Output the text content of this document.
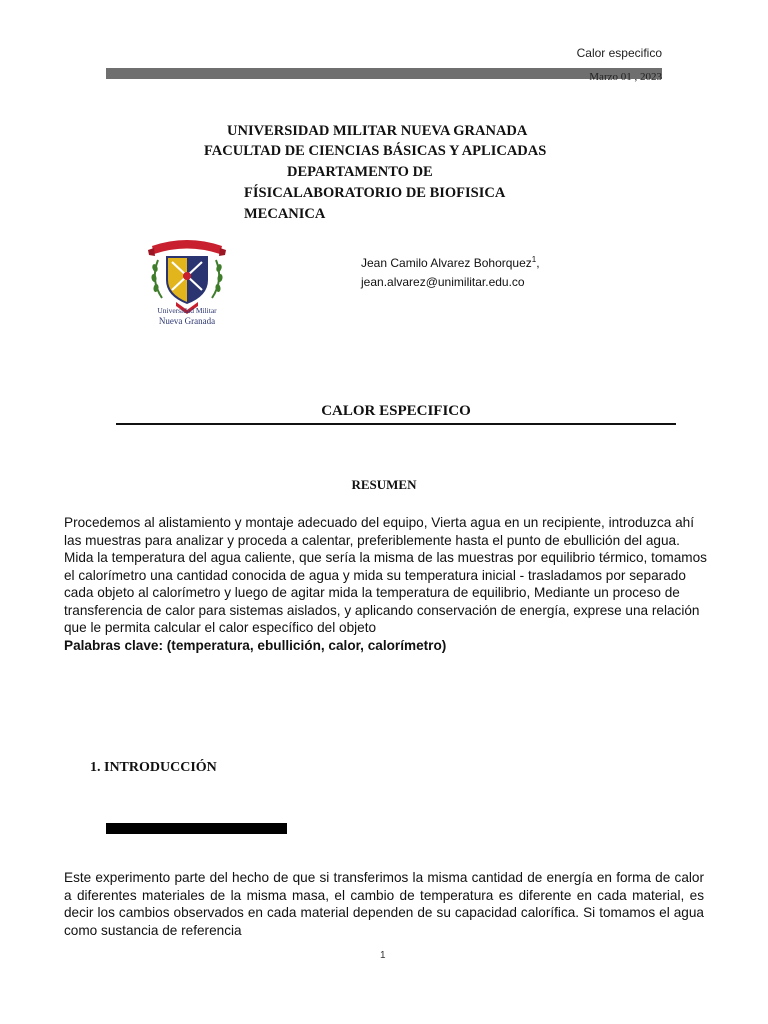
Calor especifico
Marzo 01 , 2023
UNIVERSIDAD MILITAR NUEVA GRANADA
FACULTAD DE CIENCIAS BÁSICAS Y APLICADAS
DEPARTAMENTO DE
FÍSICALABORATORIO DE BIOFISICA
MECANICA
Universidad Militar
Nueva Granada
Jean Camilo Alvarez Bohorquez$^1$,
jean.alvarez@unimilitar.edu.co
CALOR ESPECIFICO
RESUMEN

Procedemos al alistamiento y montaje adecuado del equipo, Vierta agua en un recipiente, introduzca ahí las muestras para analizar y proceda a calentar, preferiblemente hasta el punto de ebullición del agua.

Mida la temperatura del agua caliente, que sería la misma de las muestras por equilibrio térmico, tomamos el calorímetro una cantidad conocida de agua y mida su temperatura inicial - trasladamos por separado cada objeto al calorímetro y luego de agitar mida la temperatura de equilibrio, Mediante un proceso de transferencia de calor para sistemas aislados, y aplicando conservación de energía, exprese una relación que le permita calcular el calor específico del objeto

Palabras clave: (temperatura, ebullición, calor, calorímetro)

1. INTRODUCCIÓN
Este experimento parte del hecho de que si transferimos la misma cantidad de energía en forma de calor a diferentes materiales de la misma masa, el cambio de temperatura es diferente en cada material, es decir los cambios observados en cada material dependen de su capacidad calorífica. Si tomamos el agua como sustancia de referencia
1
